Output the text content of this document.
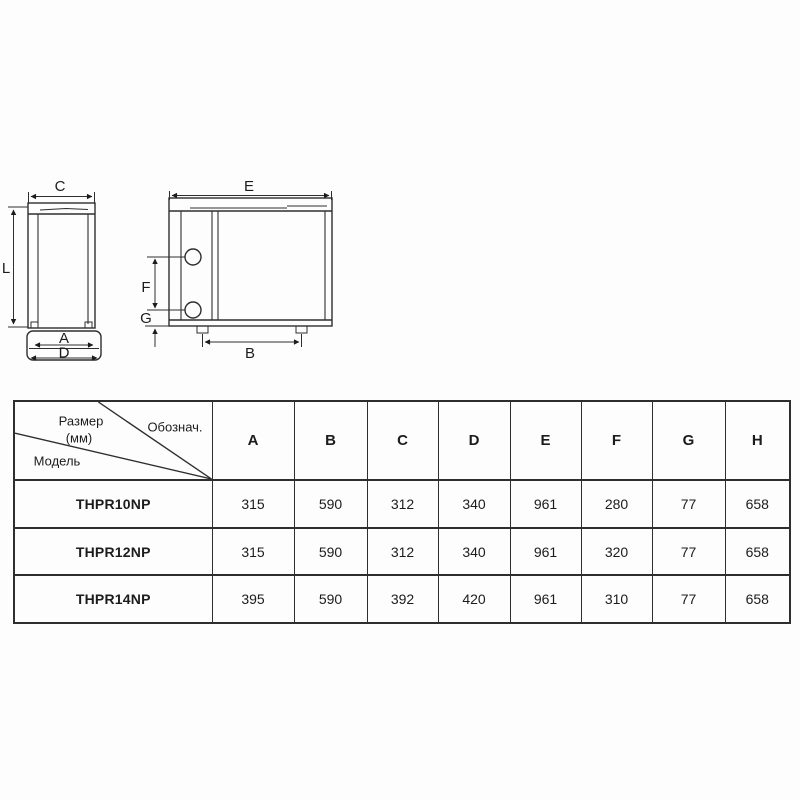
C
L
A
D
E
F
G
B
Размер
(мм)
Обознач.
Модель	A	B	C	D	E	F	G	H
THPR10NP	315	590	312	340	961	280	77	658
THPR12NP	315	590	312	340	961	320	77	658
THPR14NP	395	590	392	420	961	310	77	658
